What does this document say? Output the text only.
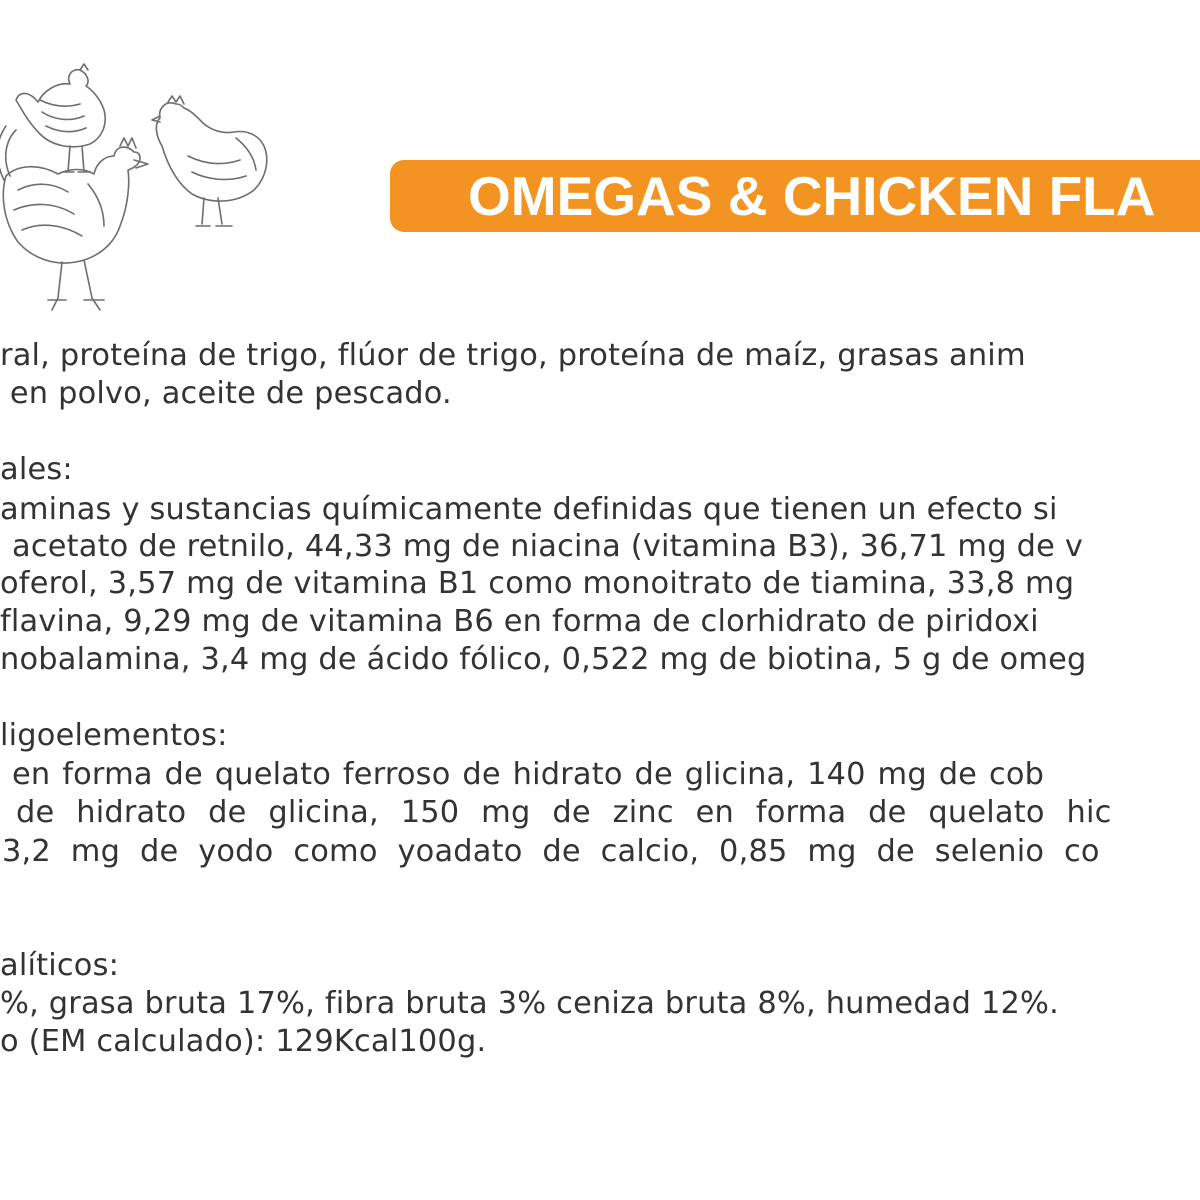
OMEGAS & CHICKEN FLA
ral, proteína de trigo, flúor de trigo, proteína de maíz, grasas anim
en polvo, aceite de pescado.
ales:
aminas y sustancias químicamente definidas que tienen un efecto si
acetato de retnilo, 44,33 mg de niacina (vitamina B3), 36,71 mg de v
oferol, 3,57 mg de vitamina B1 como monoitrato de tiamina, 33,8 mg
flavina, 9,29 mg de vitamina B6 en forma de clorhidrato de piridoxi
nobalamina, 3,4 mg de ácido fólico, 0,522 mg de biotina, 5 g de omeg
ligoelementos:
en forma de quelato ferroso de hidrato de glicina, 140 mg de cob
de hidrato de glicina, 150 mg de zinc en forma de quelato hic
3,2 mg de yodo como yoadato de calcio, 0,85 mg de selenio co
alíticos:
%, grasa bruta 17%, fibra bruta 3% ceniza bruta 8%, humedad 12%.
o (EM calculado): 129Kcal100g.
